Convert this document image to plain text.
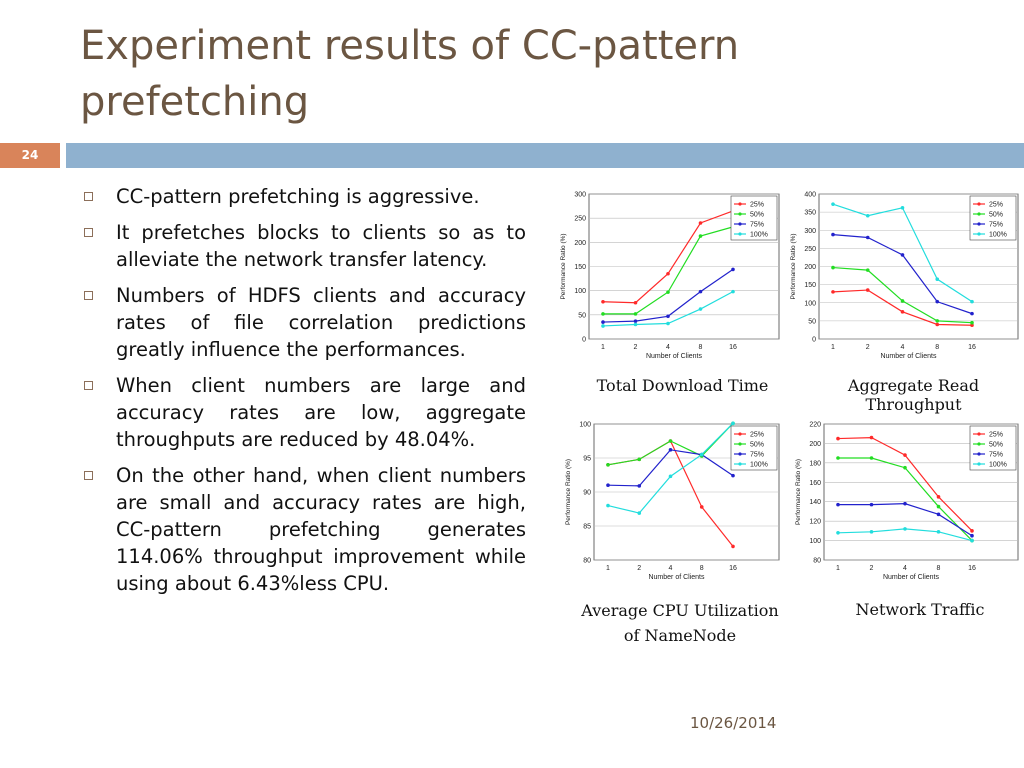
Experiment results of CC-pattern prefetching
24
CC-pattern prefetching is aggressive.
It prefetches blocks to clients so as to alleviate the network transfer latency.
Numbers of HDFS clients and accuracy rates of file correlation predictions greatly influence the performances.
When client numbers are large and accuracy rates are low, aggregate throughputs are reduced by 48.04%.
On the other hand, when client numbers are small and accuracy rates are high, CC-pattern prefetching generates 114.06% throughput improvement while using about 6.43%less CPU.
0
50
100
150
200
250
300
1	2	4	8	16
Number of Clients
Performance Ratio (%)
25%
50%
75%
100%
Total Download Time
0
50
100
150
200
250
300
350
400
1	2	4	8	16
Number of Clients
Performance Ratio (%)
25%
50%
75%
100%
Aggregate Read Throughput
80
85
90
95
100
1	2	4	8	16
Number of Clients
Performance Ratio (%)
25%
50%
75%
100%
Average CPU Utilization of NameNode
80
100
120
140
160
180
200
220
1	2	4	8	16
Number of Clients
Performance Ratio (%)
25%
50%
75%
100%
Network Traffic
10/26/2014
